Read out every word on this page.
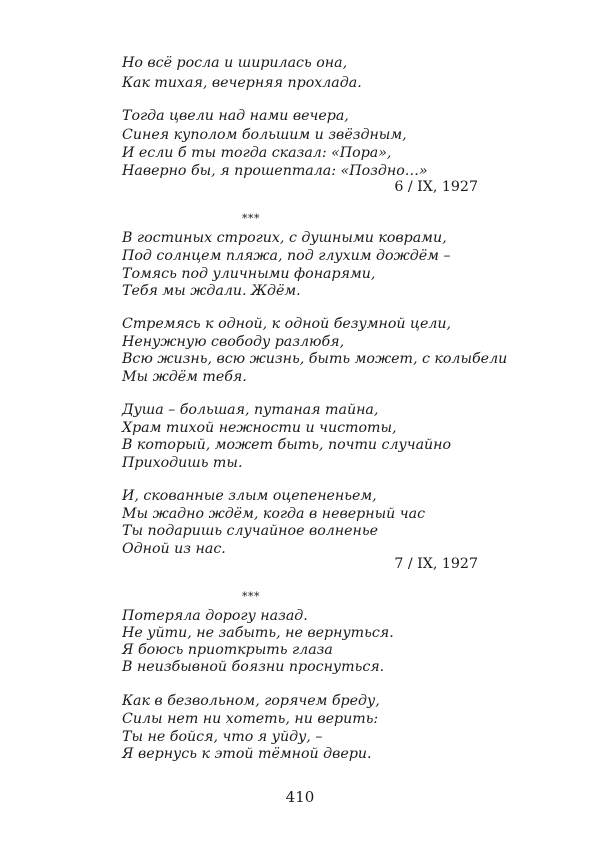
Но всё росла и ширилась она,
Как тихая, вечерняя прохлада.
Тогда цвели над нами вечера,
Синея куполом большим и звёздным,
И если б ты тогда сказал: «Пора»,
Наверно бы, я прошептала: «Поздно…»
6 / IX, 1927
***
В гостиных строгих, с душными коврами,
Под солнцем пляжа, под глухим дождём –
Томясь под уличными фонарями,
Тебя мы ждали. Ждём.
Стремясь к одной, к одной безумной цели,
Ненужную свободу разлюбя,
Всю жизнь, всю жизнь, быть может, с колыбели
Мы ждём тебя.
Душа – большая, путаная тайна,
Храм тихой нежности и чистоты,
В который, может быть, почти случайно
Приходишь ты.
И, скованные злым оцепененьем,
Мы жадно ждём, когда в неверный час
Ты подаришь случайное волненье
Одной из нас.
7 / IX, 1927
***
Потеряла дорогу назад.
Не уйти, не забыть, не вернуться.
Я боюсь приоткрыть глаза
В неизбывной боязни проснуться.
Как в безвольном, горячем бреду,
Силы нет ни хотеть, ни верить:
Ты не бойся, что я уйду, –
Я вернусь к этой тёмной двери.
410
